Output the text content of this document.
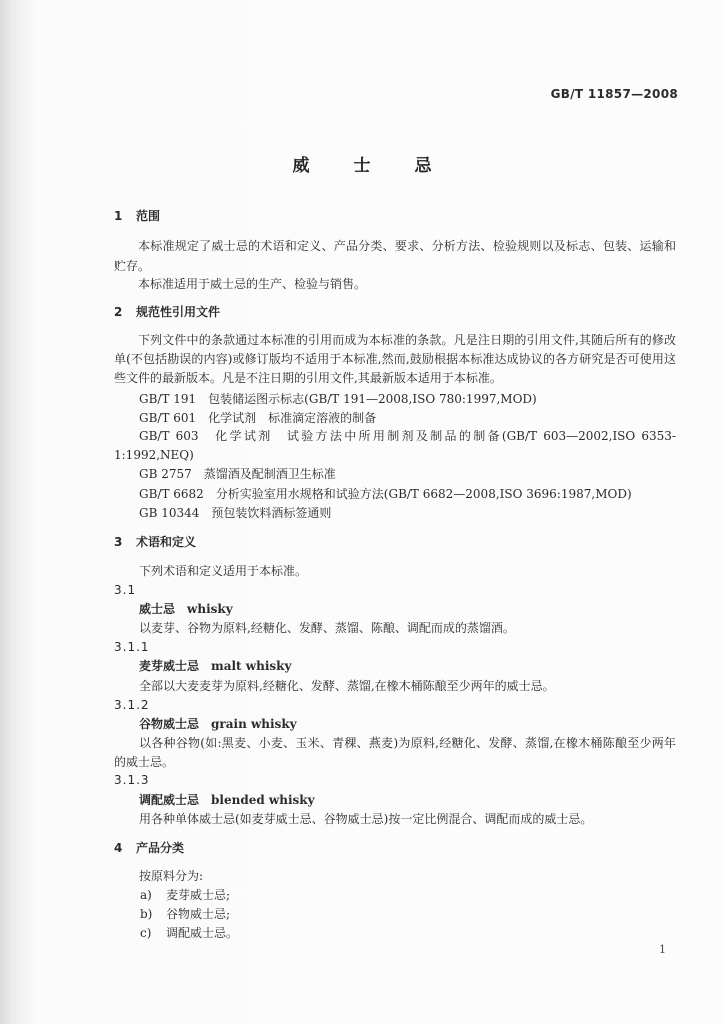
GB/T 11857—2008
威士忌
1 范围
本标准规定了威士忌的术语和定义、产品分类、要求、分析方法、检验规则以及标志、包装、运输和贮存。
本标准适用于威士忌的生产、检验与销售。
2 规范性引用文件
下列文件中的条款通过本标准的引用而成为本标准的条款。凡是注日期的引用文件,其随后所有的修改单(不包括勘误的内容)或修订版均不适用于本标准,然而,鼓励根据本标准达成协议的各方研究是否可使用这些文件的最新版本。凡是不注日期的引用文件,其最新版本适用于本标准。
GB/T 191　包装储运图示标志(GB/T 191—2008,ISO 780:1997,MOD)
GB/T 601　化学试剂　标准滴定溶液的制备
GB/T 603　化学试剂　试验方法中所用制剂及制品的制备(GB/T 603—2002,ISO 6353-1:1992,NEQ)
GB 2757　蒸馏酒及配制酒卫生标准
GB/T 6682　分析实验室用水规格和试验方法(GB/T 6682—2008,ISO 3696:1987,MOD)
GB 10344　预包装饮料酒标签通则
3 术语和定义
下列术语和定义适用于本标准。
3.1
威士忌 whisky
以麦芽、谷物为原料,经糖化、发酵、蒸馏、陈酿、调配而成的蒸馏酒。
3.1.1
麦芽威士忌 malt whisky
全部以大麦麦芽为原料,经糖化、发酵、蒸馏,在橡木桶陈酿至少两年的威士忌。
3.1.2
谷物威士忌 grain whisky
以各种谷物(如:黑麦、小麦、玉米、青稞、燕麦)为原料,经糖化、发酵、蒸馏,在橡木桶陈酿至少两年的威士忌。
3.1.3
调配威士忌 blended whisky
用各种单体威士忌(如麦芽威士忌、谷物威士忌)按一定比例混合、调配而成的威士忌。
4 产品分类
按原料分为:
a) 麦芽威士忌;
b) 谷物威士忌;
c) 调配威士忌。
1
